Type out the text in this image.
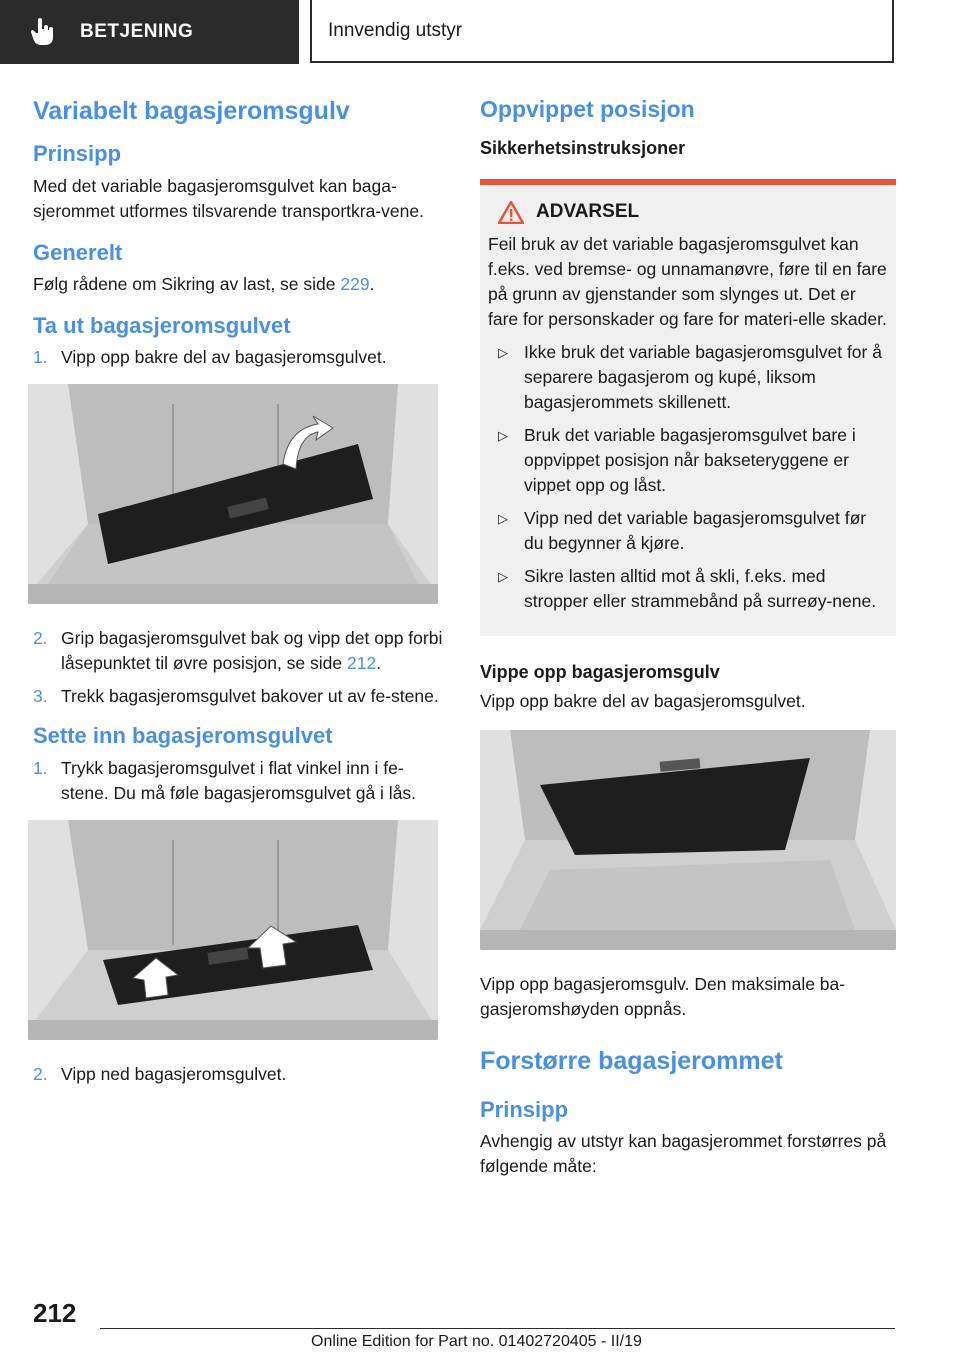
BETJENING	Innvendig utstyr
Variabelt bagasjeromsgulv
Prinsipp

Med det variable bagasjeromsgulvet kan baga-sjerommet utformes tilsvarende transportkra-vene.

Generelt

Følg rådene om Sikring av last, se side 229.

Ta ut bagasjeromsgulvet
1. Vipp opp bakre del av bagasjeromsgulvet.
2. Grip bagasjeromsgulvet bak og vipp det opp forbi låsepunktet til øvre posisjon, se side 212.
3. Trekk bagasjeromsgulvet bakover ut av fe-stene.
Sette inn bagasjeromsgulvet
1. Trykk bagasjeromsgulvet i flat vinkel inn i fe-stene. Du må føle bagasjeromsgulvet gå i lås.
2. Vipp ned bagasjeromsgulvet.
Oppvippet posisjon
Sikkerhetsinstruksjoner
ADVARSEL

Feil bruk av det variable bagasjeromsgulvet kan f.eks. ved bremse- og unnamanøvre, føre til en fare på grunn av gjenstander som slynges ut. Det er fare for personskader og fare for materi-elle skader.

▷ Ikke bruk det variable bagasjeromsgulvet for å separere bagasjerom og kupé, liksom bagasjerommets skillenett.
▷ Bruk det variable bagasjeromsgulvet bare i oppvippet posisjon når bakseteryggene er vippet opp og låst.
▷ Vipp ned det variable bagasjeromsgulvet før du begynner å kjøre.
▷ Sikre lasten alltid mot å skli, f.eks. med stropper eller strammebånd på surreøy-nene.
Vippe opp bagasjeromsgulv

Vipp opp bakre del av bagasjeromsgulvet.

Vipp opp bagasjeromsgulv. Den maksimale ba-gasjeromshøyden oppnås.

Forstørre bagasjerommet
Prinsipp

Avhengig av utstyr kan bagasjerommet forstørres på følgende måte:

212
Online Edition for Part no. 01402720405 - II/19
